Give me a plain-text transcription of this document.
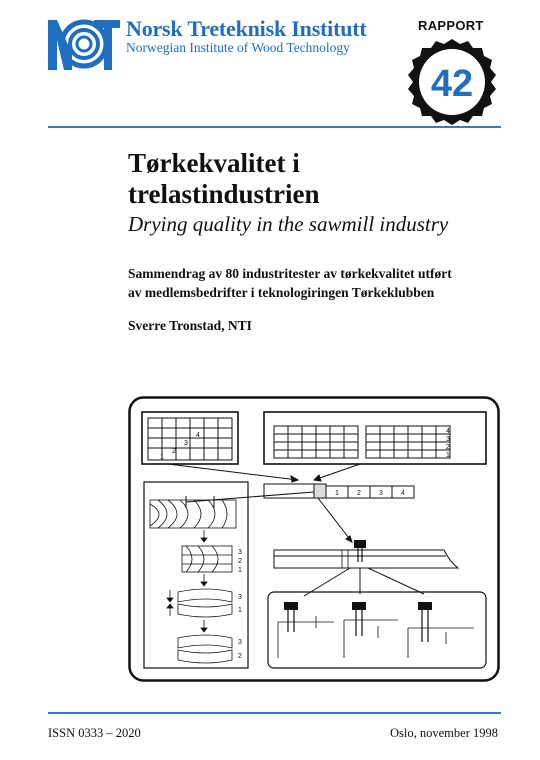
Norsk Treteknisk Institutt
Norwegian Institute of Wood Technology
RAPPORT
42
Tørkekvalitet i
trelastindustrien
Drying quality in the sawmill industry
Sammendrag av 80 industritester av tørkekvalitet utført
av medlemsbedrifter i teknologiringen Tørkeklubben
Sverre Tronstad, NTI
4
3
2
1
4
3
2
1
1	2	3	4
3
2
1
3
1
3
2
ISSN 0333 – 2020	Oslo, november 1998
